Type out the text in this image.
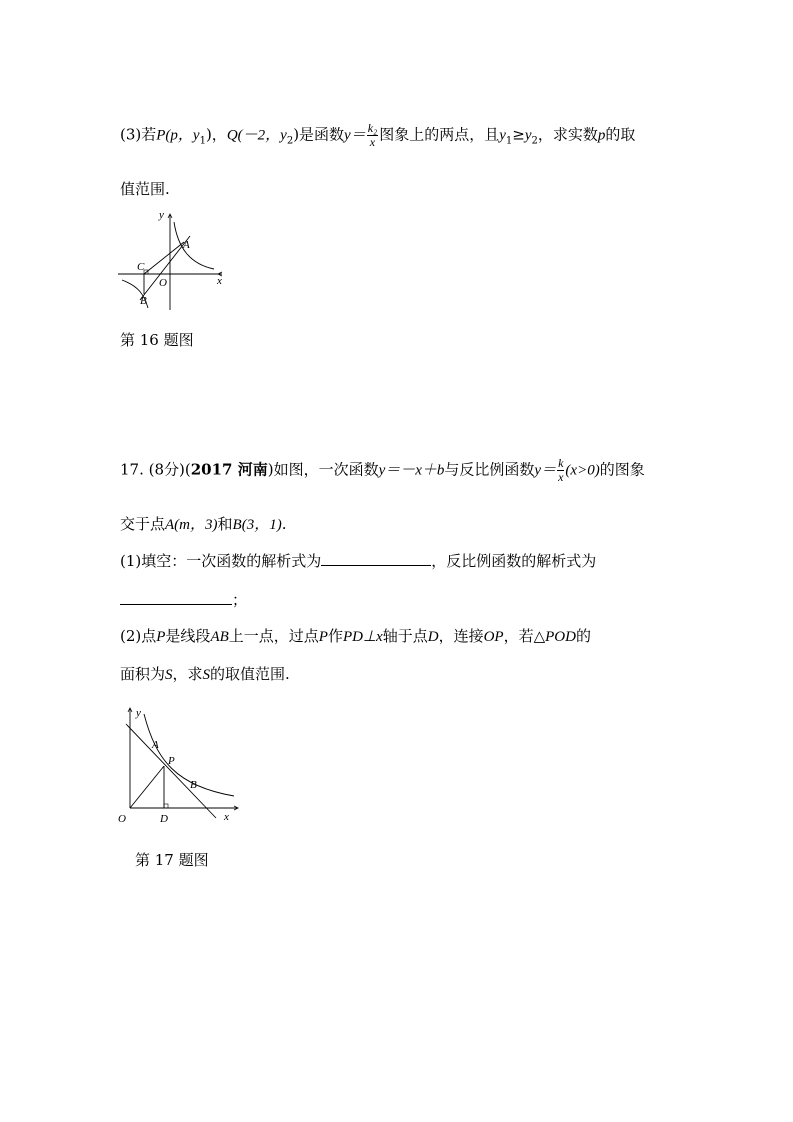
(3)若P(p，$y_1$)，Q(－2，$y_2$)是函数$y= \frac{\text{k₂}}{x}$ 图象上的两点，且$y_1\ge y_2$，求实数p的取
值范围.
y
x
A
C
O
B
第 16 题图
17. (8分)(2017 河南)如图，一次函数y＝－x＋b与反比例函数$y= \frac{k}{x} (x>0)$的图象
交于点A(m，3)和B(3，1).
(1)填空：一次函数的解析式为	，反比例函数的解析式为
；
(2)点P是线段AB上一点，过点P作PD⊥x轴于点D，连接OP，若△POD的
面积为S，求S的取值范围.
y
x
A
P
B
O	D
第 17 题图
